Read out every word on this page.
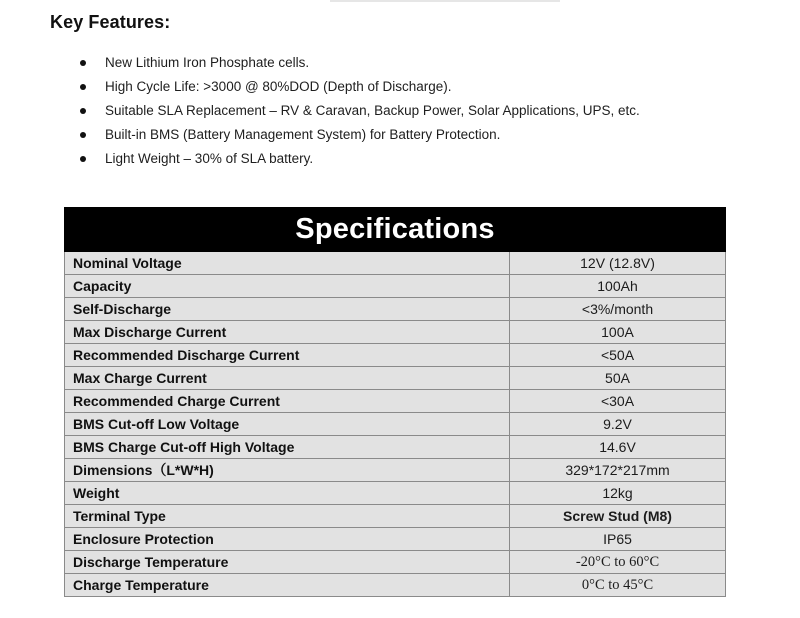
Key Features:
New Lithium Iron Phosphate cells.
High Cycle Life: >3000 @ 80%DOD (Depth of Discharge).
Suitable SLA Replacement – RV & Caravan, Backup Power, Solar Applications, UPS, etc.
Built-in BMS (Battery Management System) for Battery Protection.
Light Weight – 30% of SLA battery.
Specifications	
Nominal Voltage	12V (12.8V)
Capacity	100Ah
Self-Discharge	<3%/month
Max Discharge Current	100A
Recommended Discharge Current	<50A
Max Charge Current	50A
Recommended Charge Current	<30A
BMS Cut-off Low Voltage	9.2V
BMS Charge Cut-off High Voltage	14.6V
Dimensions（L*W*H)	329*172*217mm
Weight	12kg
Terminal Type	Screw Stud (M8)
Enclosure Protection	IP65
Discharge Temperature	-20°C to 60°C
Charge Temperature	0°C to 45°C
